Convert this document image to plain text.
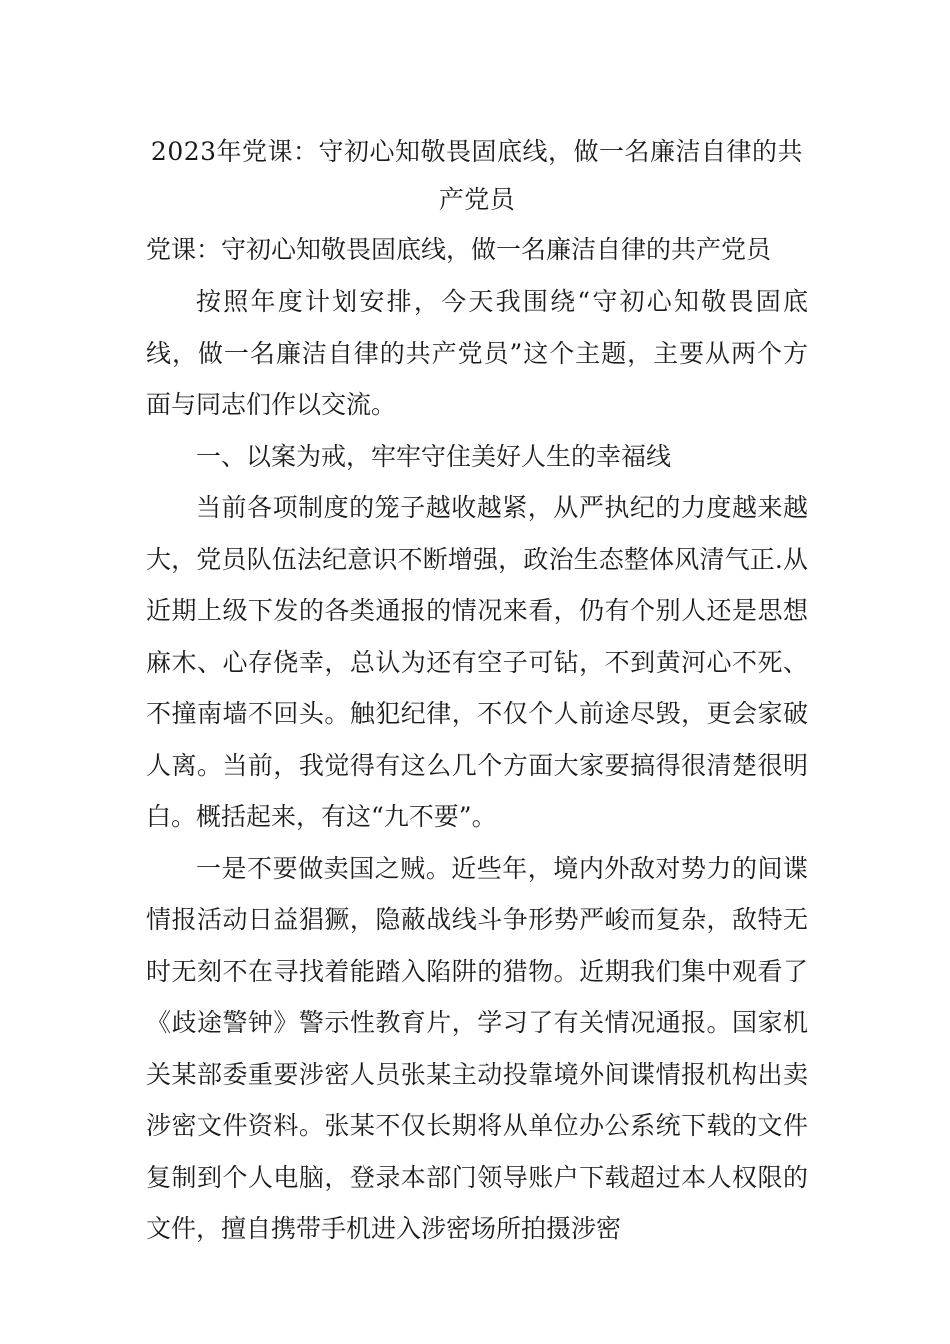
2023年党课：守初心知敬畏固底线，做一名廉洁自律的共产党员

党课：守初心知敬畏固底线，做一名廉洁自律的共产党员

按照年度计划安排，今天我围绕“守初心知敬畏固底线，做一名廉洁自律的共产党员”这个主题，主要从两个方面与同志们作以交流。

一、以案为戒，牢牢守住美好人生的幸福线

当前各项制度的笼子越收越紧，从严执纪的力度越来越大，党员队伍法纪意识不断增强，政治生态整体风清气正.从近期上级下发的各类通报的情况来看，仍有个别人还是思想麻木、心存侥幸，总认为还有空子可钻，不到黄河心不死、不撞南墙不回头。触犯纪律，不仅个人前途尽毁，更会家破人离。当前，我觉得有这么几个方面大家要搞得很清楚很明白。概括起来，有这“九不要”。

一是不要做卖国之贼。近些年，境内外敌对势力的间谍情报活动日益猖獗，隐蔽战线斗争形势严峻而复杂，敌特无时无刻不在寻找着能踏入陷阱的猎物。近期我们集中观看了《歧途警钟》警示性教育片，学习了有关情况通报。国家机关某部委重要涉密人员张某主动投靠境外间谍情报机构出卖涉密文件资料。张某不仅长期将从单位办公系统下载的文件复制到个人电脑，登录本部门领导账户下载超过本人权限的文件，擅自携带手机进入涉密场所拍摄涉密
